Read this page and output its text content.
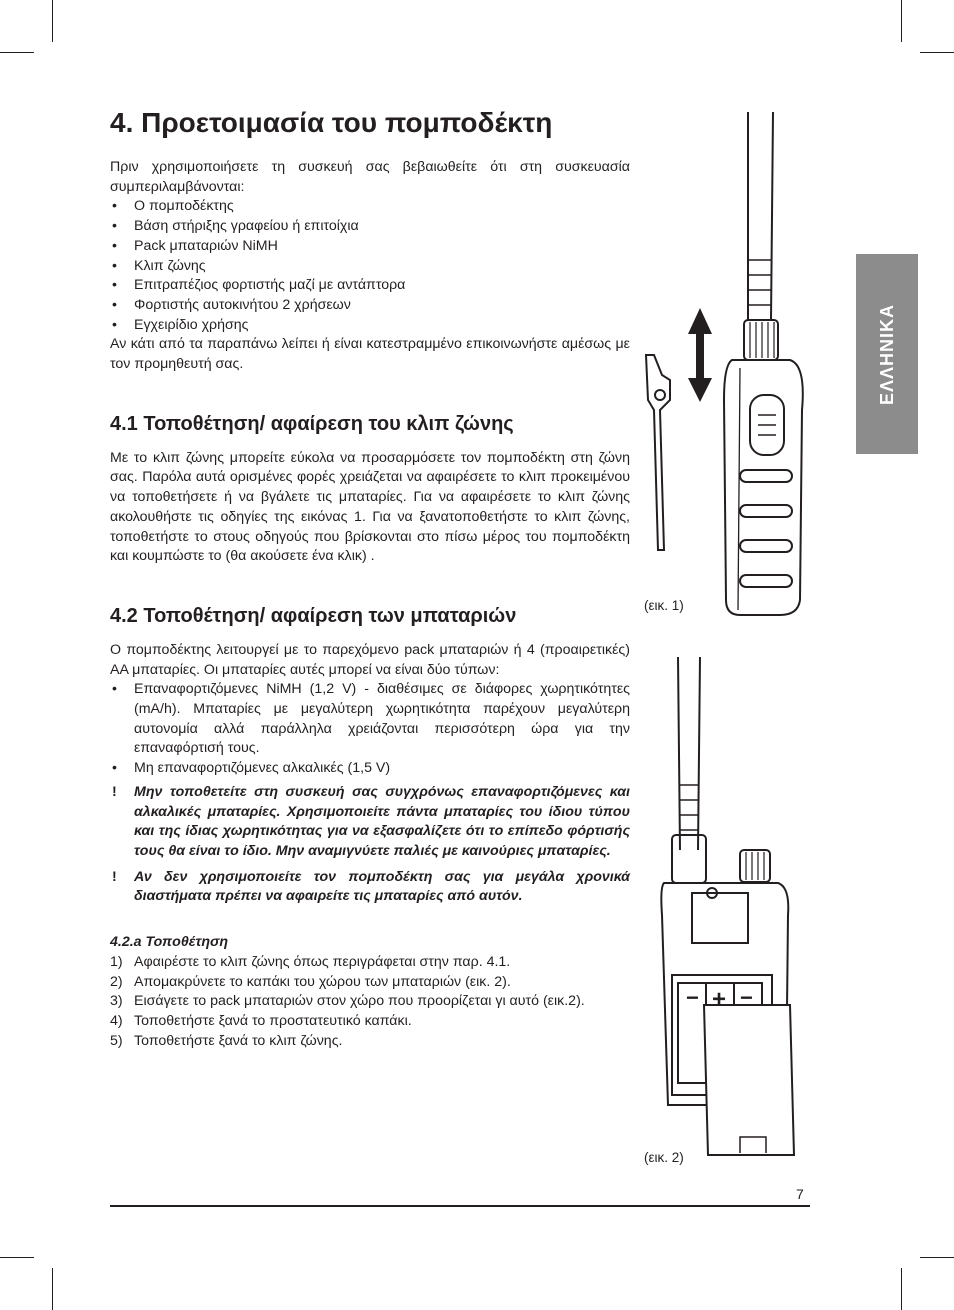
4. Προετοιμασία του πομποδέκτη

Πριν χρησιμοποιήσετε τη συσκευή σας βεβαιωθείτε ότι στη συσκευασία συμπεριλαμβάνονται:

• Ο πομποδέκτης
• Βάση στήριξης γραφείου ή επιτοίχια
• Pack μπαταριών NiMH
• Κλιπ ζώνης
• Επιτραπέζιος φορτιστής μαζί με αντάπτορα
• Φορτιστής αυτοκινήτου 2 χρήσεων
• Εγχειρίδιο χρήσης

Αν κάτι από τα παραπάνω λείπει ή είναι κατεστραμμένο επικοινωνήστε αμέσως με τον προμηθευτή σας.

4.1 Τοποθέτηση/ αφαίρεση του κλιπ ζώνης

Με το κλιπ ζώνης μπορείτε εύκολα να προσαρμόσετε τον πομποδέκτη στη ζώνη σας. Παρόλα αυτά ορισμένες φορές χρειάζεται να αφαιρέσετε το κλιπ προκειμένου να τοποθετήσετε ή να βγάλετε τις μπαταρίες. Για να αφαιρέσετε το κλιπ ζώνης ακολουθήστε τις οδηγίες της εικόνας 1. Για να ξανατοποθετήστε το κλιπ ζώνης, τοποθετήστε το στους οδηγούς που βρίσκονται στο πίσω μέρος του πομποδέκτη και κουμπώστε το (θα ακούσετε ένα κλικ) .

4.2 Τοποθέτηση/ αφαίρεση των μπαταριών

Ο πομποδέκτης λειτουργεί με το παρεχόμενο pack μπαταριών ή 4 (προαιρετικές) AA μπαταρίες. Οι μπαταρίες αυτές μπορεί να είναι δύο τύπων:

• Επαναφορτιζόμενες NiMH (1,2 V) - διαθέσιμες σε διάφορες χωρητικότητες (mA/h). Μπαταρίες με μεγαλύτερη χωρητικότητα παρέχουν μεγαλύτερη αυτονομία αλλά παράλληλα χρειάζονται περισσότερη ώρα για την επαναφόρτισή τους.
• Μη επαναφορτιζόμενες αλκαλικές (1,5 V)
! Μην τοποθετείτε στη συσκευή σας συγχρόνως επαναφορτιζόμενες και αλκαλικές μπαταρίες. Χρησιμοποιείτε πάντα μπαταρίες του ίδιου τύπου και της ίδιας χωρητικότητας για να εξασφαλίζετε ότι το επίπεδο φόρτισής τους θα είναι το ίδιο. Μην αναμιγνύετε παλιές με καινούριες μπαταρίες.
! Αν δεν χρησιμοποιείτε τον πομποδέκτη σας για μεγάλα χρονικά διαστήματα πρέπει να αφαιρείτε τις μπαταρίες από αυτόν.

4.2.a Τοποθέτηση

1) Αφαιρέστε το κλιπ ζώνης όπως περιγράφεται στην παρ. 4.1.
2) Απομακρύνετε το καπάκι του χώρου των μπαταριών (εικ. 2).
3) Εισάγετε το pack μπαταριών στον χώρο που προορίζεται γι αυτό (εικ.2).
4) Τοποθετήστε ξανά το προστατευτικό καπάκι.
5) Τοποθετήστε ξανά το κλιπ ζώνης.
ΕΛΛΗΝΙΚΑ
(εικ. 1)
− + −
(εικ. 2)
7
